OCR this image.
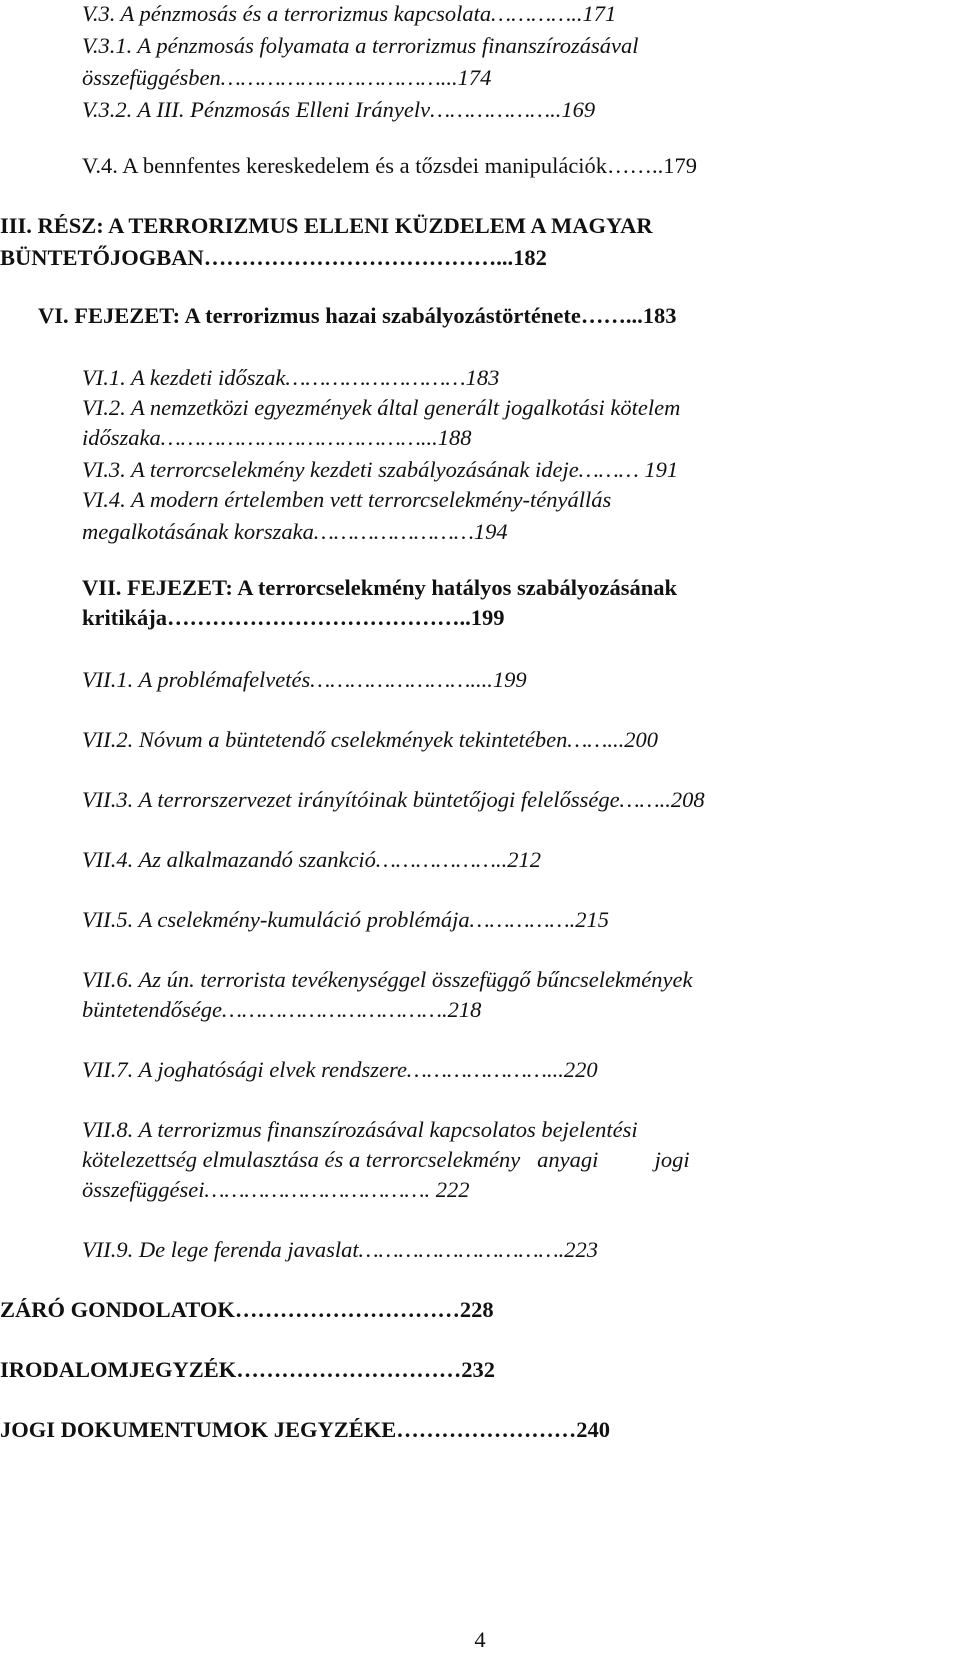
V.3. A pénzmosás és a terrorizmus kapcsolata…………..171
V.3.1. A pénzmosás folyamata a terrorizmus finanszírozásával
összefüggésben……………………………...174
V.3.2. A III. Pénzmosás Elleni Irányelv………………..169
V.4. A bennfentes kereskedelem és a tőzsdei manipulációk……..179
III. RÉSZ: A TERRORIZMUS ELLENI KÜZDELEM A MAGYAR
BÜNTETŐJOGBAN…………………………………...182
VI. FEJEZET: A terrorizmus hazai szabályozástörténete……...183
VI.1. A kezdeti időszak………………………183
VI.2. A nemzetközi egyezmények által generált jogalkotási kötelem
időszaka…………………………………...188
VI.3. A terrorcselekmény kezdeti szabályozásának ideje……… 191
VI.4. A modern értelemben vett terrorcselekmény-tényállás
megalkotásának korszaka……………………194
VII. FEJEZET: A terrorcselekmény hatályos szabályozásának
kritikája…………………………………..199
VII.1. A problémafelvetés……………………....199
VII.2. Nóvum a büntetendő cselekmények tekintetében……...200
VII.3. A terrorszervezet irányítóinak büntetőjogi felelőssége……..208
VII.4. Az alkalmazandó szankció………………..212
VII.5. A cselekmény-kumuláció problémája…………….215
VII.6. Az ún. terrorista tevékenységgel összefüggő bűncselekmények
büntetendősége…………………………….218
VII.7. A joghatósági elvek rendszere…………………...220
VII.8. A terrorizmus finanszírozásával kapcsolatos bejelentési
kötelezettség elmulasztása és a terrorcselekmény   anyagi          jogi
összefüggései……………………………. 222
VII.9. De lege ferenda javaslat………………………….223
ZÁRÓ GONDOLATOK…………………………228
IRODALOMJEGYZÉK…………………………232
JOGI DOKUMENTUMOK JEGYZÉKE……………………240
4
